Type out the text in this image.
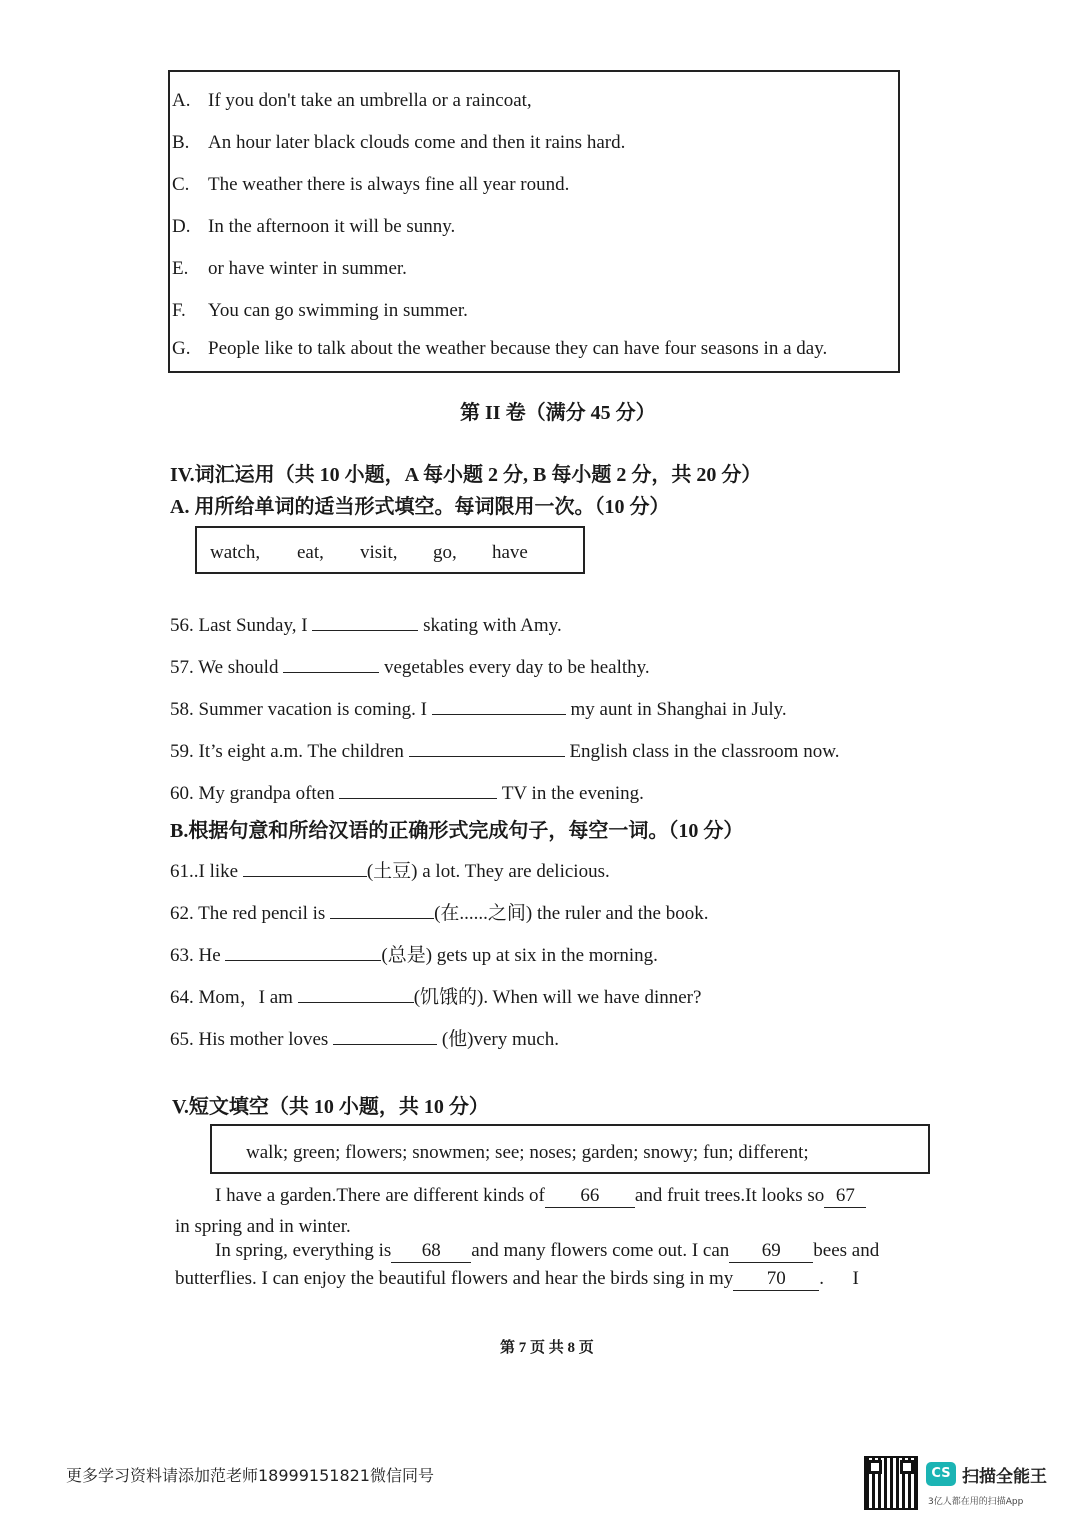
A. If you don't take an umbrella or a raincoat,
B. An hour later black clouds come and then it rains hard.
C. The weather there is always fine all year round.
D. In the afternoon it will be sunny.
E. or have winter in summer.
F. You can go swimming in summer.
G. People like to talk about the weather because they can have four seasons in a day.
第 II 卷（满分 45 分）
IV.词汇运用（共 10 小题，A 每小题 2 分, B 每小题 2 分，共 20 分）
A. 用所给单词的适当形式填空。每词限用一次。（10 分）
watch, eat, visit, go, have
56. Last Sunday, I	skating with Amy.
57. We should	vegetables every day to be healthy.
58. Summer vacation is coming. I	my aunt in Shanghai in July.
59. It’s eight a.m. The children	English class in the classroom now.
60. My grandpa often	TV in the evening.
B.根据句意和所给汉语的正确形式完成句子，每空一词。（10 分）
61..I like	(土豆) a lot. They are delicious.
62. The red pencil is	(在......之间) the ruler and the book.
63. He	(总是) gets up at six in the morning.
64. Mom，I am	(饥饿的). When will we have dinner?
65. His mother loves	(他)very much.
V.短文填空（共 10 小题，共 10 分）
walk; green; flowers; snowmen; see; noses; garden; snowy; fun; different;
I have a garden.There are different kinds of 66 and fruit trees.It looks so 67
in spring and in winter.
In spring, everything is 68 and many flowers come out. I can 69 bees and
butterflies. I can enjoy the beautiful flowers and hear the birds sing in my 70 . I
第 7 页 共 8 页
更多学习资料请添加范老师18999151821微信同号	CS 扫描全能王
3亿人都在用的扫描App
